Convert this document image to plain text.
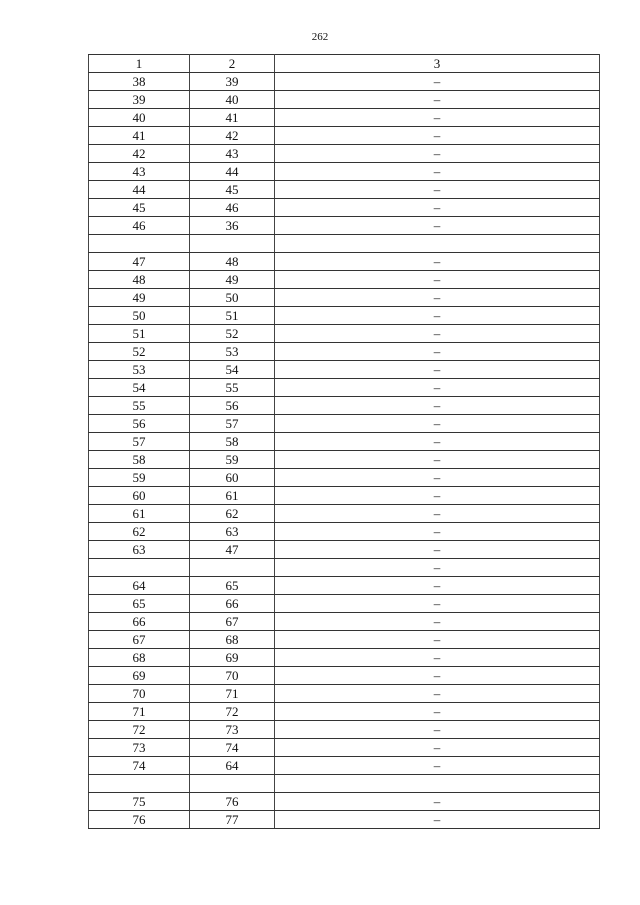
262
1	2	3
38	39	–
39	40	–
40	41	–
41	42	–
42	43	–
43	44	–
44	45	–
45	46	–
46	36	–

47	48	–
48	49	–
49	50	–
50	51	–
51	52	–
52	53	–
53	54	–
54	55	–
55	56	–
56	57	–
57	58	–
58	59	–
59	60	–
60	61	–
61	62	–
62	63	–
63	47	–
		–
64	65	–
65	66	–
66	67	–
67	68	–
68	69	–
69	70	–
70	71	–
71	72	–
72	73	–
73	74	–
74	64	–

75	76	–
76	77	–
